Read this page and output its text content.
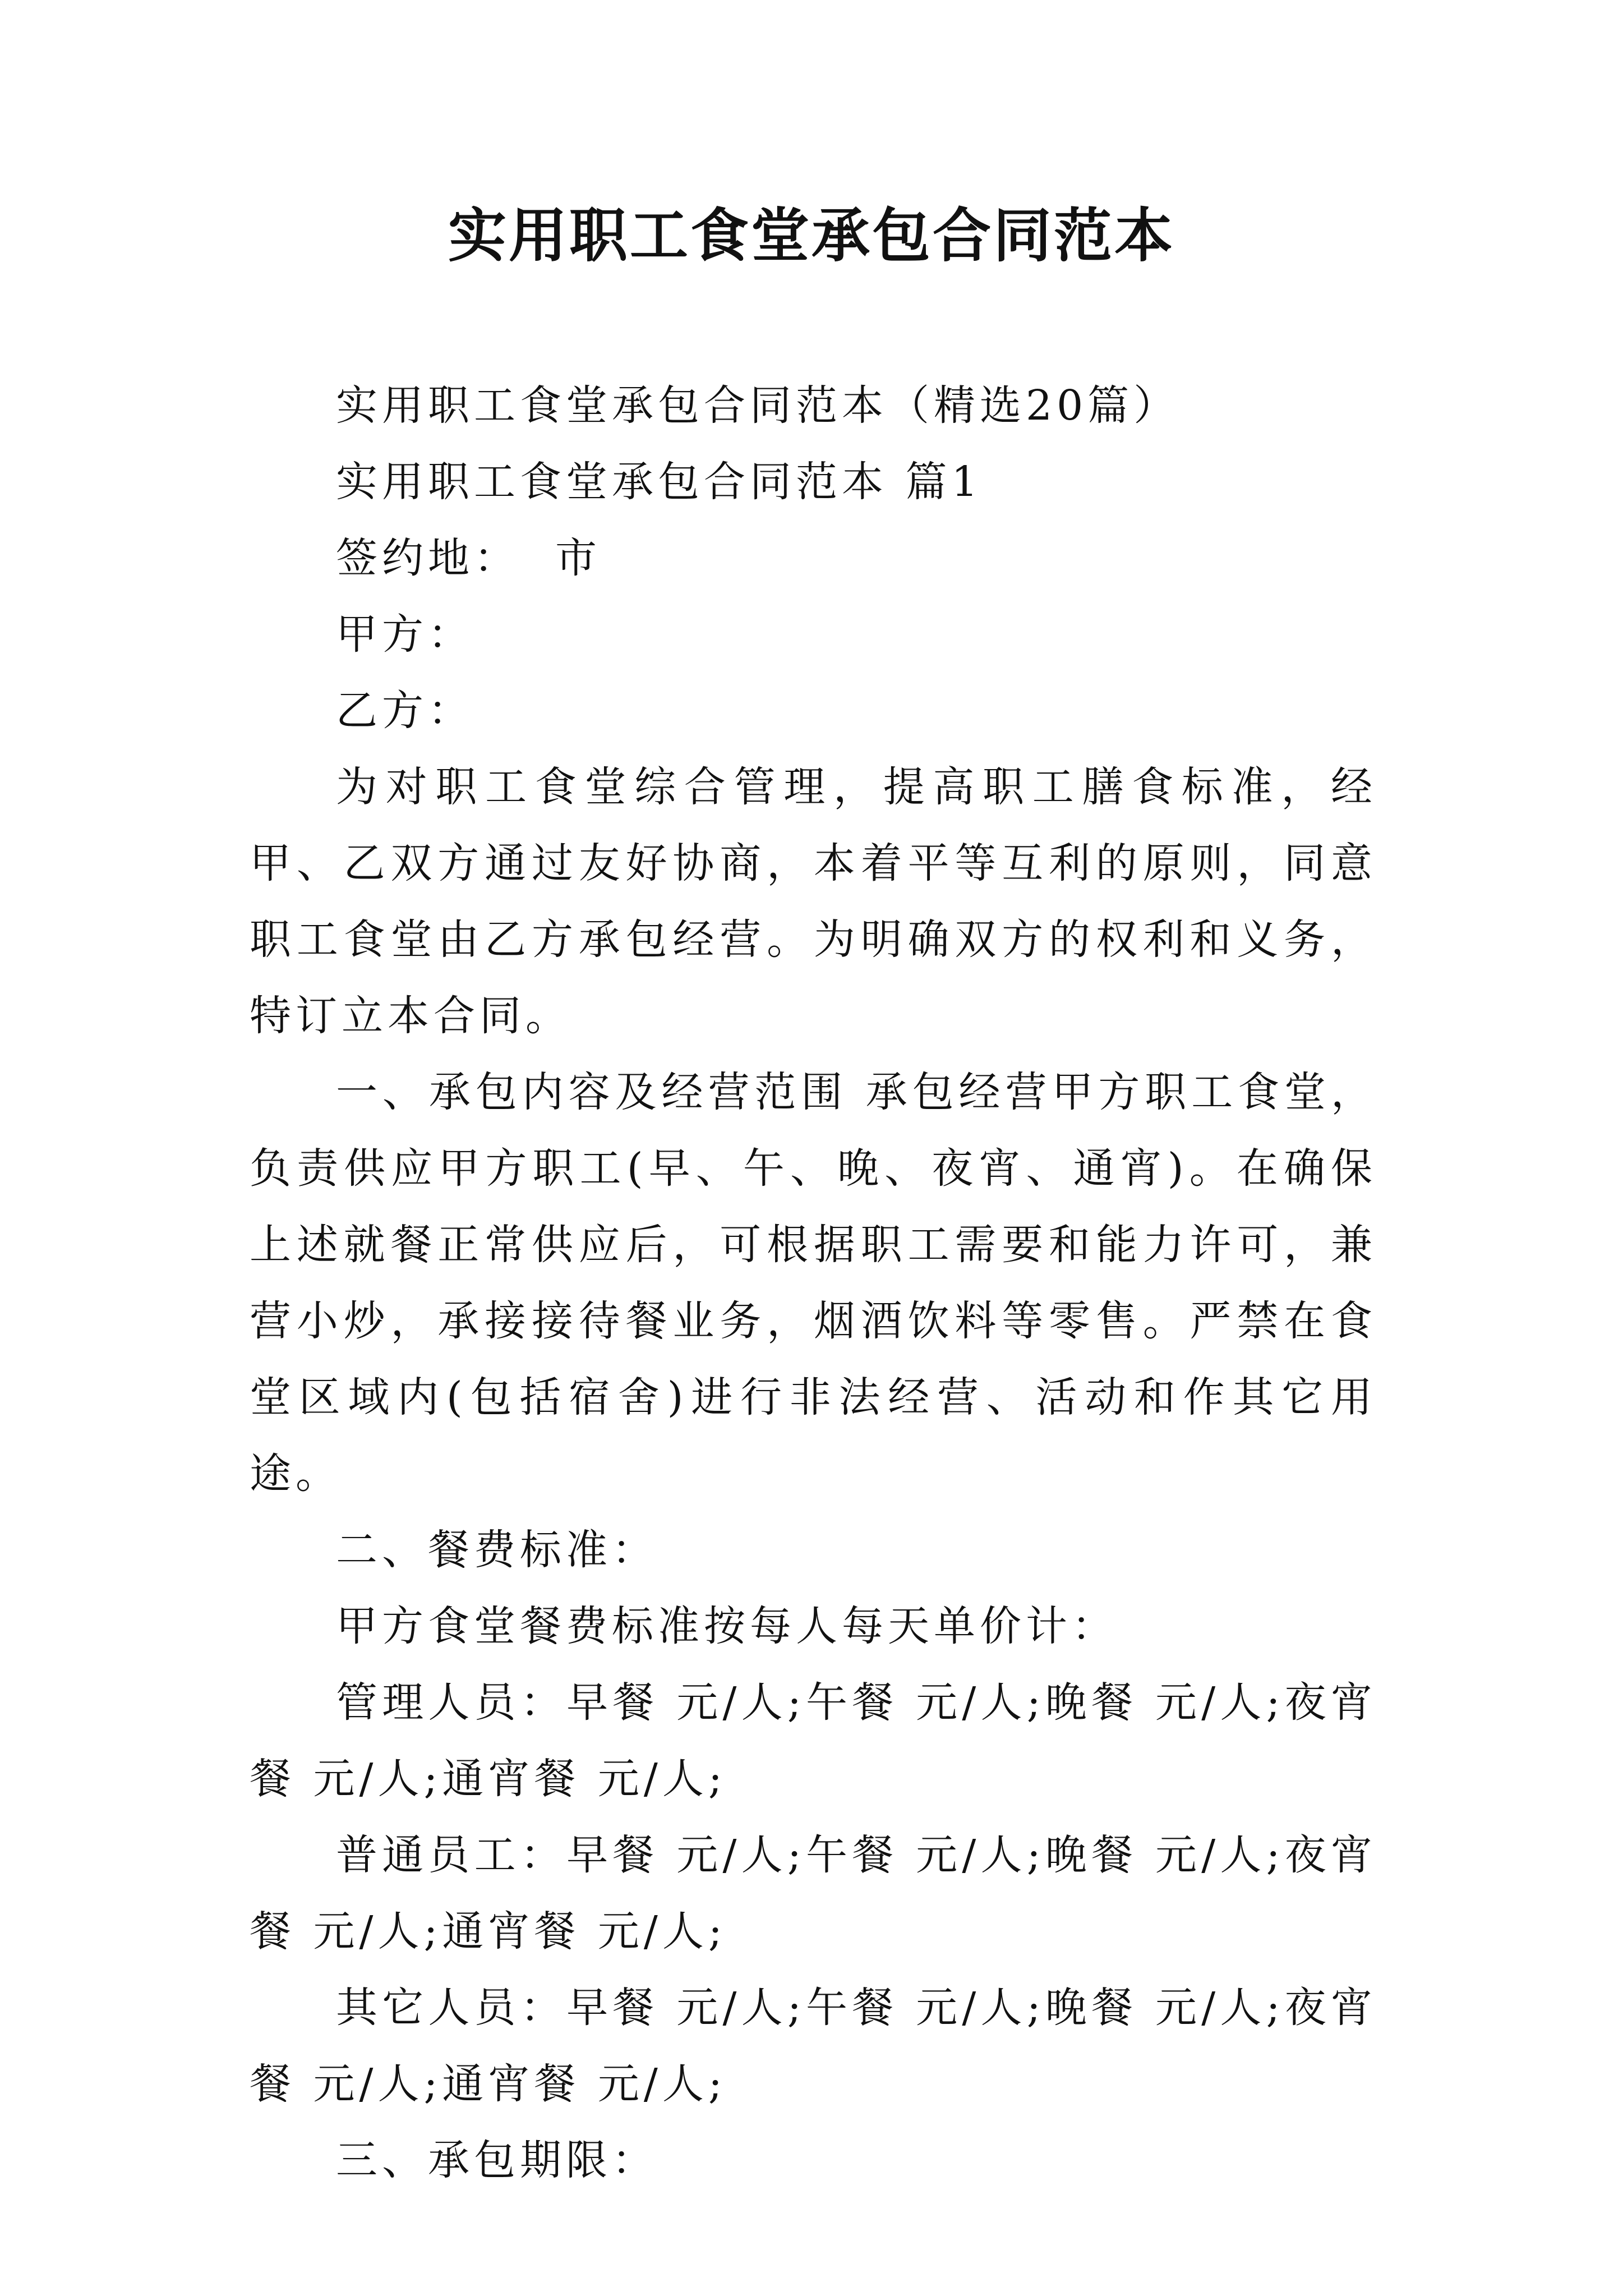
实用职工食堂承包合同范本

实用职工食堂承包合同范本（精选20篇）

实用职工食堂承包合同范本 篇1

签约地：  市

甲方：

乙方：

为对职工食堂综合管理，提高职工膳食标准，经甲、乙双方通过友好协商，本着平等互利的原则，同意职工食堂由乙方承包经营。为明确双方的权利和义务，特订立本合同。

一、承包内容及经营范围 承包经营甲方职工食堂，负责供应甲方职工(早、午、晚、夜宵、通宵)。在确保上述就餐正常供应后，可根据职工需要和能力许可，兼营小炒，承接接待餐业务，烟酒饮料等零售。严禁在食堂区域内(包括宿舍)进行非法经营、活动和作其它用途。

二、餐费标准：

甲方食堂餐费标准按每人每天单价计：

管理人员：早餐 元/人;午餐 元/人;晚餐 元/人;夜宵餐 元/人;通宵餐 元/人;

普通员工：早餐 元/人;午餐 元/人;晚餐 元/人;夜宵餐 元/人;通宵餐 元/人;

其它人员：早餐 元/人;午餐 元/人;晚餐 元/人;夜宵餐 元/人;通宵餐 元/人;

三、承包期限：
